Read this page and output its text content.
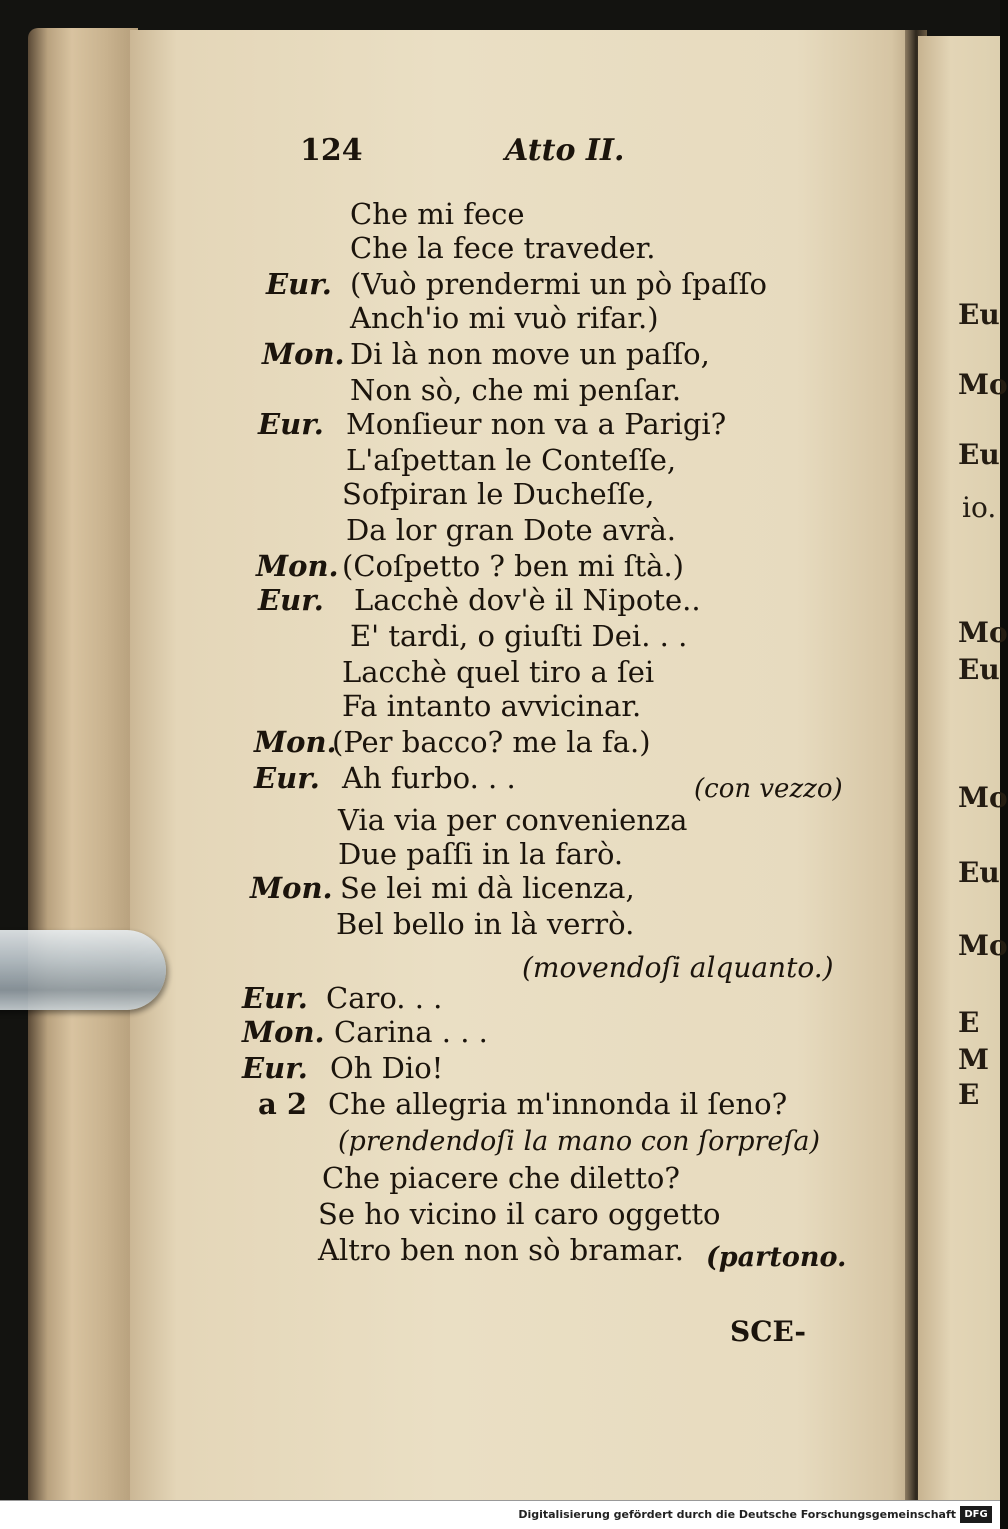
Eu
Mo
Eu
io.
Mo
Eu
Mo
Eu
Mo
E
M
E
124	Atto II.
Che mi fece
Che la fece traveder.
Eur. (Vuò prendermi un pò ſpaſſo
Anch'io mi vuò rifar.)
Mon. Di là non move un paſſo,
Non sò, che mi penſar.
Eur. Monſieur non va a Parigi?
L'aſpettan le Conteſſe,
Sofpiran le Ducheſſe,
Da lor gran Dote avrà.
Mon. (Coſpetto ? ben mi ſtà.)
Eur. Lacchè dov'è il Nipote..
E' tardi, o giuſti Dei. . .
Lacchè quel tiro a ſei
Fa intanto avvicinar.
Mon.
(Per bacco? me la fa.)
Eur. Ah furbo. . .	(con vezzo)
Via via per convenienza
Due paſſi in la farò.
Mon. Se lei mi dà licenza,
Bel bello in là verrò.
(movendoſi alquanto.)
Eur. Caro. . .
Mon. Carina . . .
Eur. Oh Dio!
a 2 Che allegria m'innonda il ſeno?
(prendendoſi la mano con ſorpreſa)
Che piacere che diletto?
Se ho vicino il caro oggetto
Altro ben non sò bramar. (partono.
SCE-
Digitalisierung gefördert durch die Deutsche Forschungsgemeinschaft DFG
